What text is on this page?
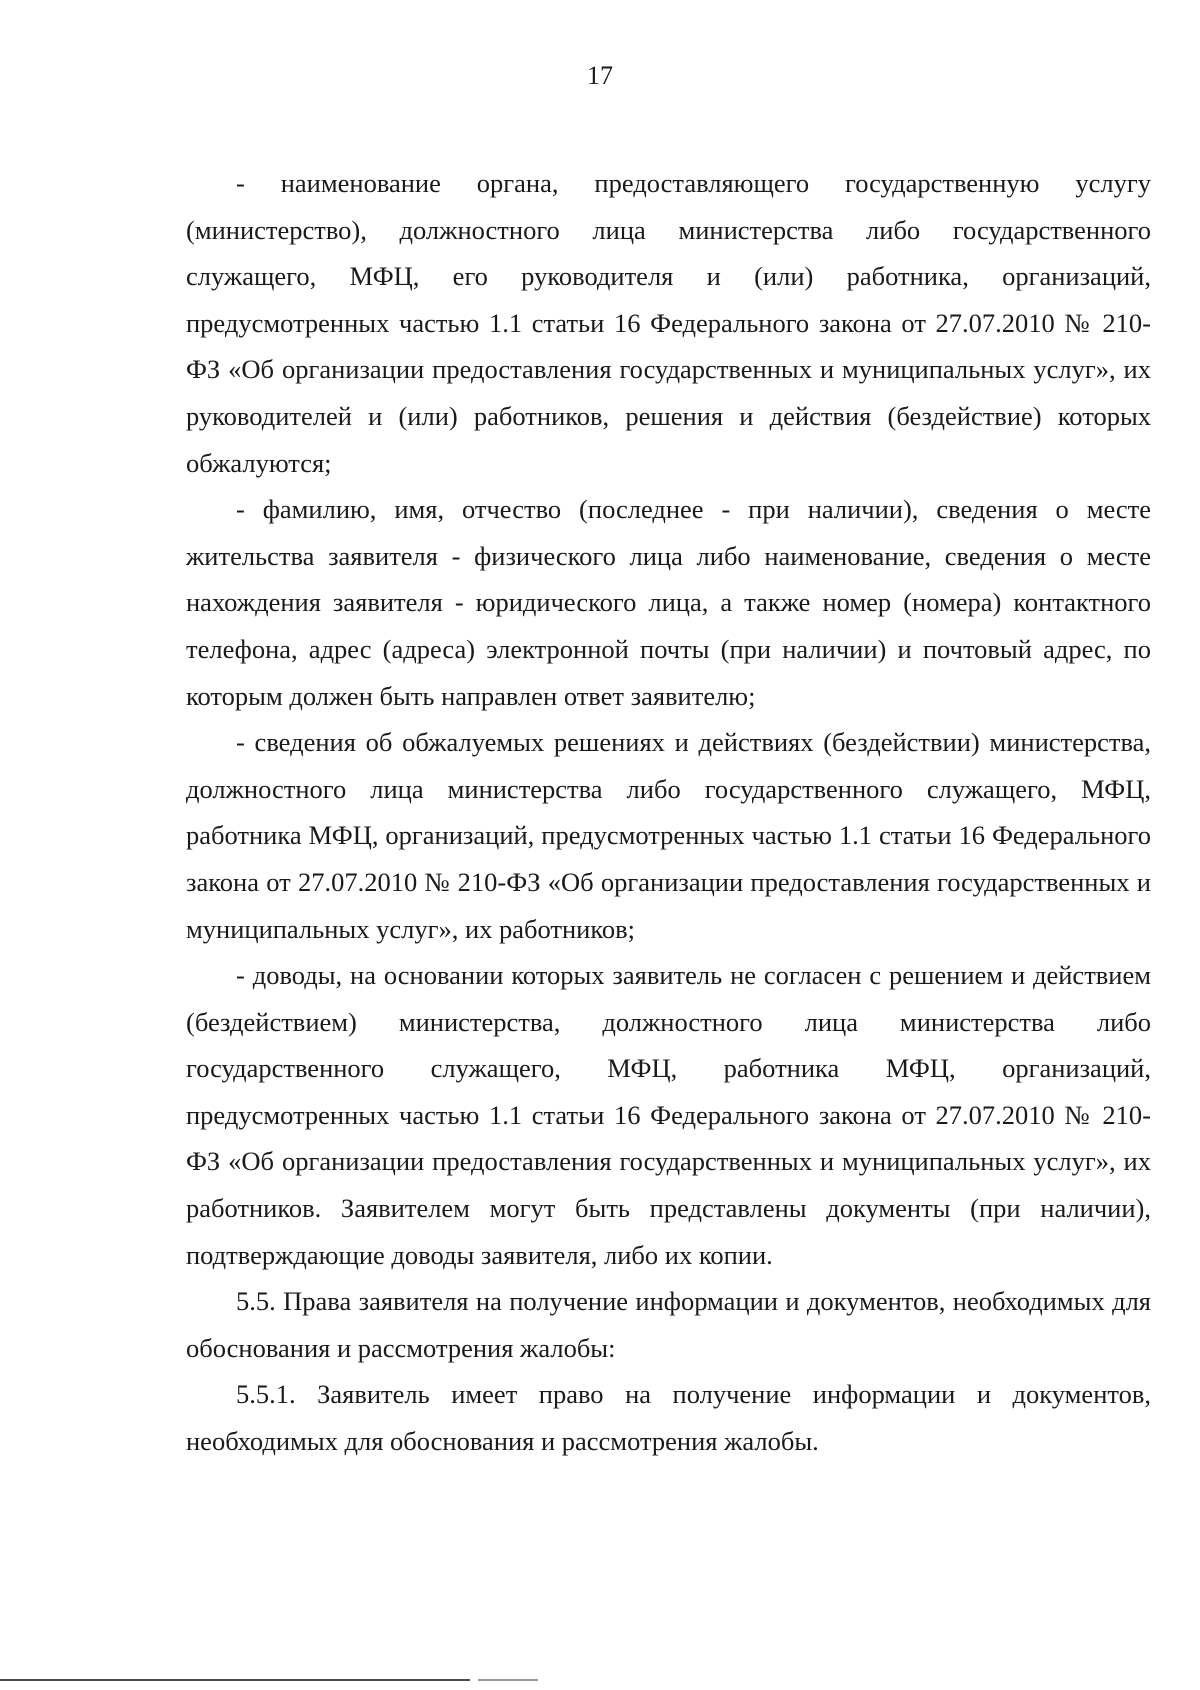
17

- наименование органа, предоставляющего государственную услугу (министерство), должностного лица министерства либо государственного служащего, МФЦ, его руководителя и (или) работника, организаций, предусмотренных частью 1.1 статьи 16 Федерального закона от 27.07.2010 № 210-ФЗ «Об организации предоставления государственных и муниципальных услуг», их руководителей и (или) работников, решения и действия (бездействие) которых обжалуются;

- фамилию, имя, отчество (последнее - при наличии), сведения о месте жительства заявителя - физического лица либо наименование, сведения о месте нахождения заявителя - юридического лица, а также номер (номера) контактного телефона, адрес (адреса) электронной почты (при наличии) и почтовый адрес, по которым должен быть направлен ответ заявителю;

- сведения об обжалуемых решениях и действиях (бездействии) министерства, должностного лица министерства либо государственного служащего, МФЦ, работника МФЦ, организаций, предусмотренных частью 1.1 статьи 16 Федерального закона от 27.07.2010 № 210-ФЗ «Об организации предоставления государственных и муниципальных услуг», их работников;

- доводы, на основании которых заявитель не согласен с решением и действием (бездействием) министерства, должностного лица министерства либо государственного служащего, МФЦ, работника МФЦ, организаций, предусмотренных частью 1.1 статьи 16 Федерального закона от 27.07.2010 № 210-ФЗ «Об организации предоставления государственных и муниципальных услуг», их работников. Заявителем могут быть представлены документы (при наличии), подтверждающие доводы заявителя, либо их копии.

5.5. Права заявителя на получение информации и документов, необходимых для обоснования и рассмотрения жалобы:

5.5.1. Заявитель имеет право на получение информации и документов, необходимых для обоснования и рассмотрения жалобы.
